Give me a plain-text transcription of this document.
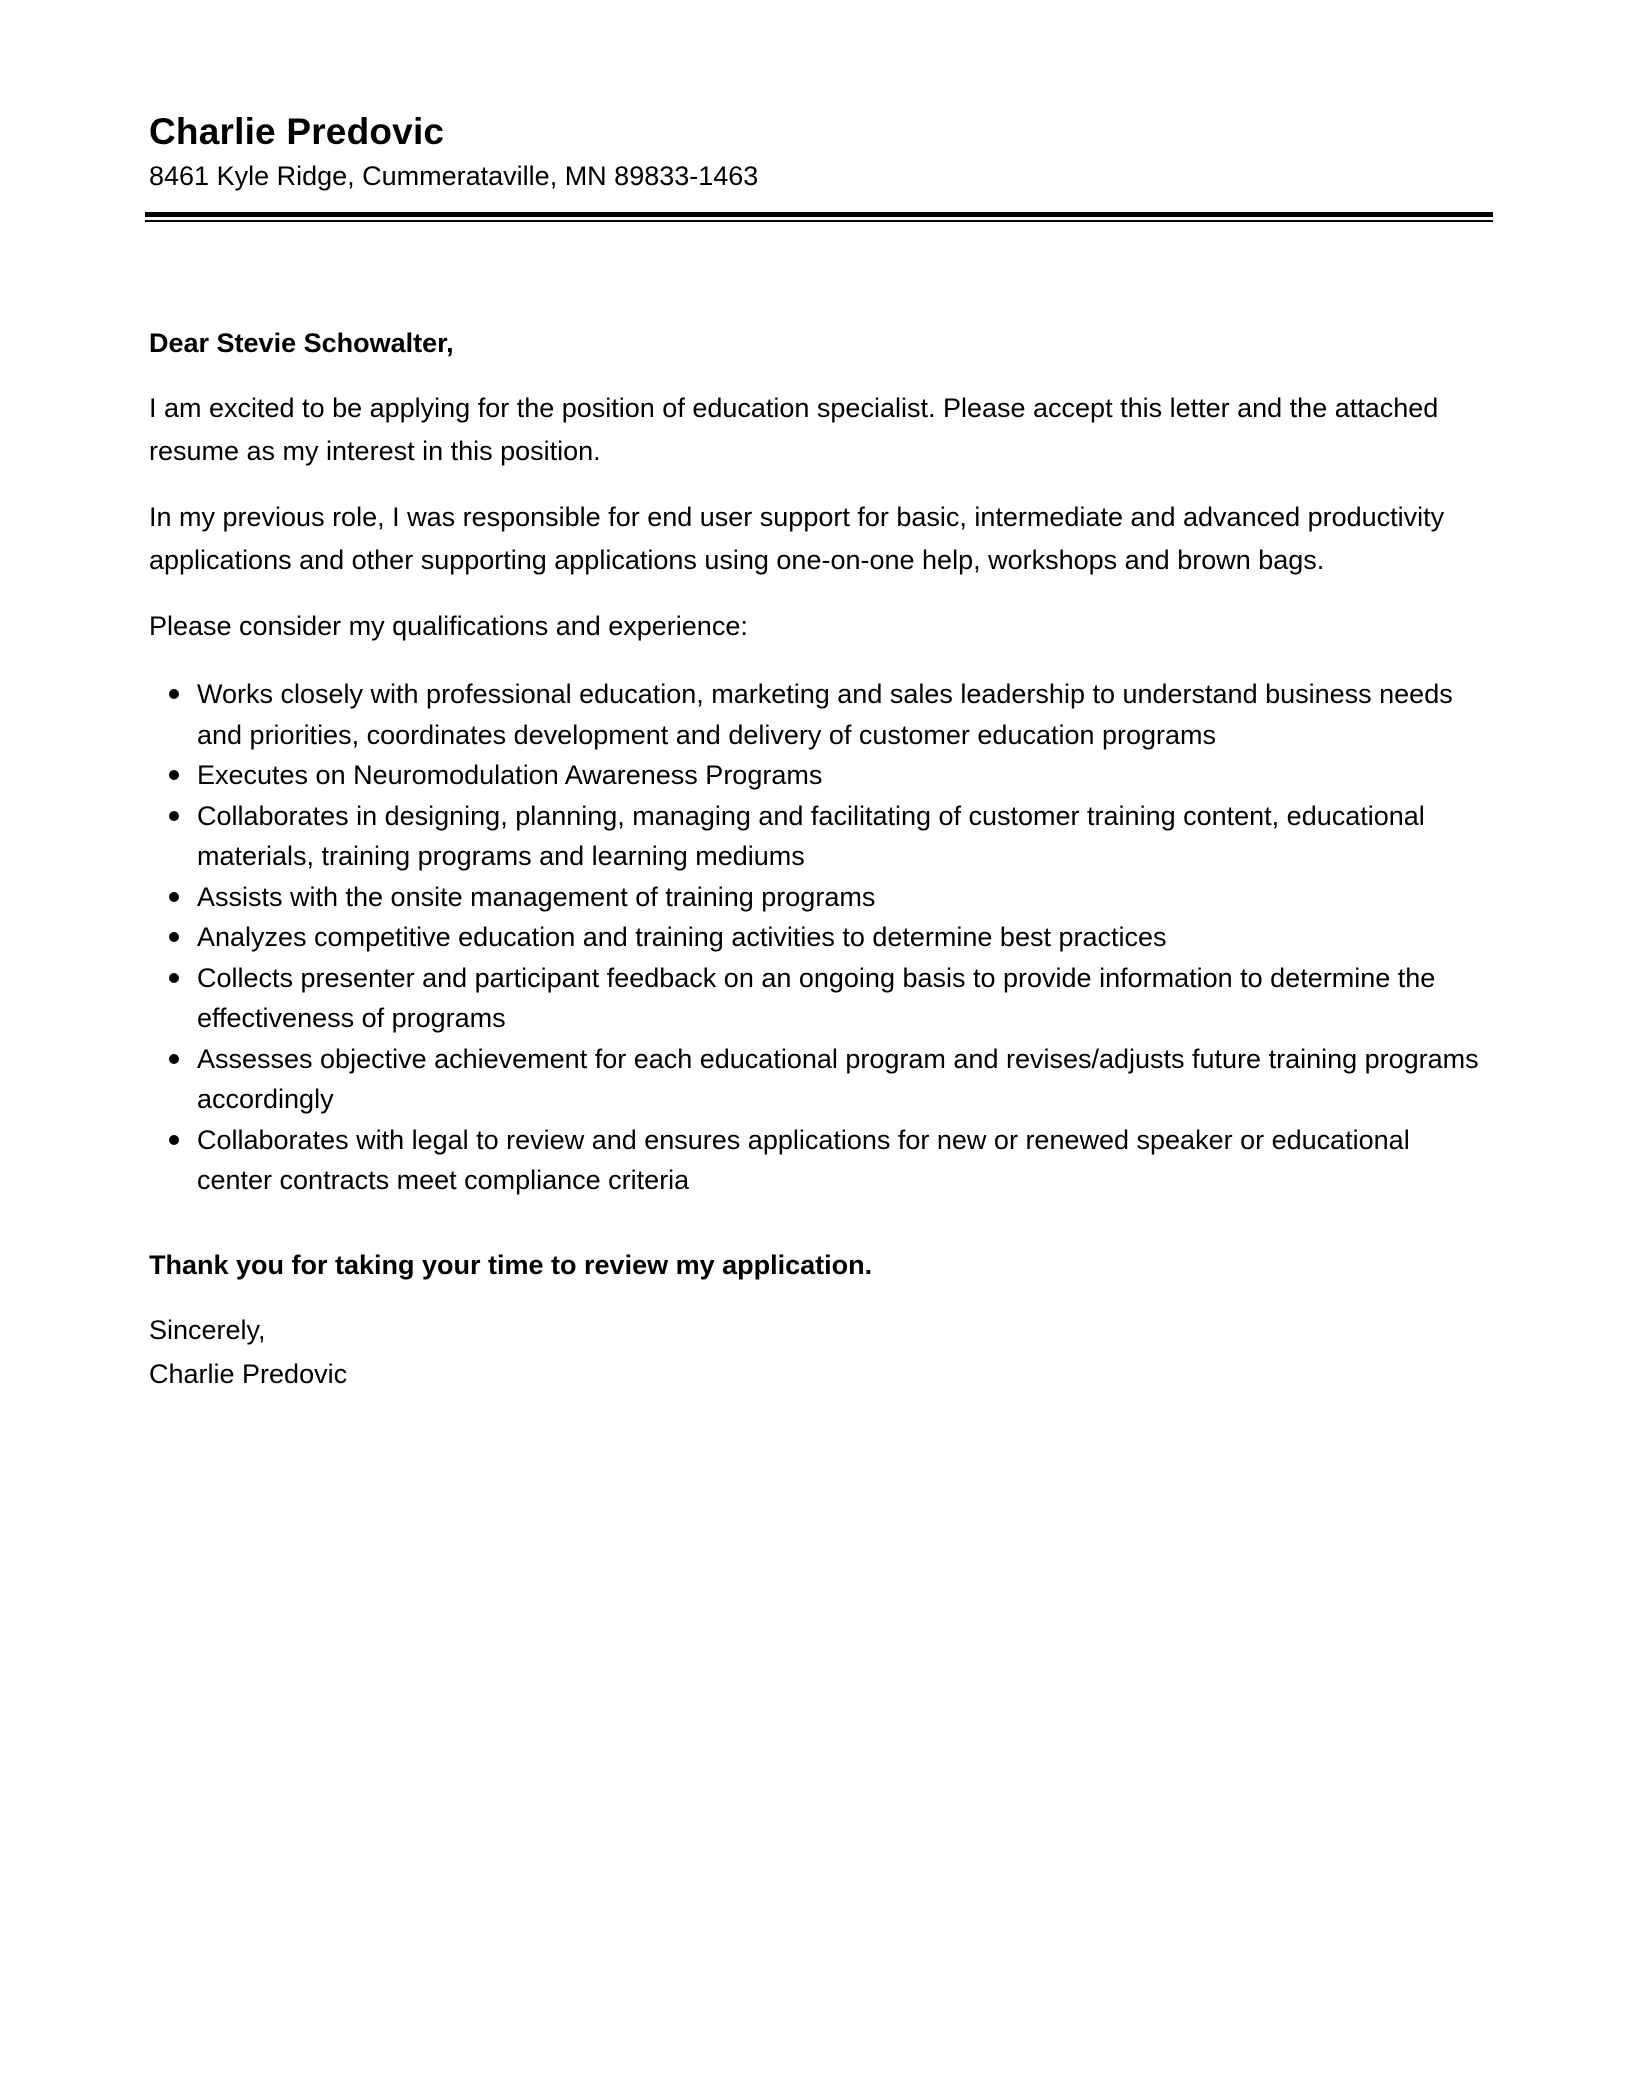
Charlie Predovic

8461 Kyle Ridge, Cummerataville, MN 89833-1463

Dear Stevie Schowalter,

I am excited to be applying for the position of education specialist. Please accept this letter and the attached resume as my interest in this position.

In my previous role, I was responsible for end user support for basic, intermediate and advanced productivity applications and other supporting applications using one-on-one help, workshops and brown bags.

Please consider my qualifications and experience:

Works closely with professional education, marketing and sales leadership to understand business needs and priorities, coordinates development and delivery of customer education programs
Executes on Neuromodulation Awareness Programs
Collaborates in designing, planning, managing and facilitating of customer training content, educational materials, training programs and learning mediums
Assists with the onsite management of training programs
Analyzes competitive education and training activities to determine best practices
Collects presenter and participant feedback on an ongoing basis to provide information to determine the effectiveness of programs
Assesses objective achievement for each educational program and revises/adjusts future training programs accordingly
Collaborates with legal to review and ensures applications for new or renewed speaker or educational center contracts meet compliance criteria

Thank you for taking your time to review my application.

Sincerely,

Charlie Predovic
